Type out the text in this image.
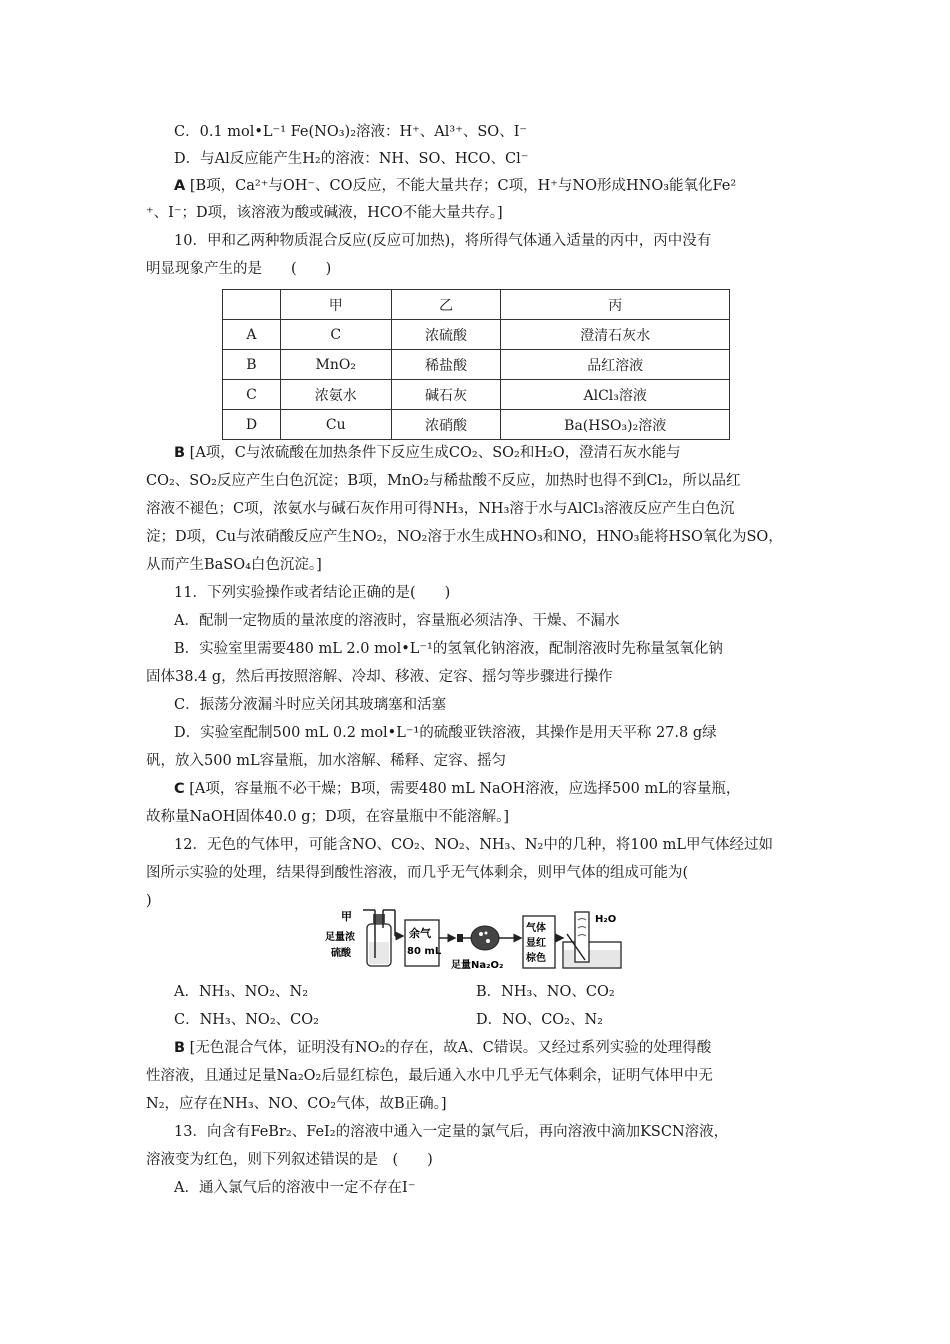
C．0.1 mol•L⁻¹ Fe(NO₃)₂溶液：H⁺、Al³⁺、SO、I⁻
D．与Al反应能产生H₂的溶液：NH、SO、HCO、Cl⁻
A [B项，Ca²⁺与OH⁻、CO反应，不能大量共存；C项，H⁺与NO形成HNO₃能氧化Fe²
⁺、I⁻；D项，该溶液为酸或碱液，HCO不能大量共存。]
10．甲和乙两种物质混合反应(反应可加热)，将所得气体通入适量的丙中，丙中没有
明显现象产生的是　　(　　)
	甲	乙	丙
A	C	浓硫酸	澄清石灰水
B	MnO₂	稀盐酸	品红溶液
C	浓氨水	碱石灰	AlCl₃溶液
D	Cu	浓硝酸	Ba(HSO₃)₂溶液
B [A项，C与浓硫酸在加热条件下反应生成CO₂、SO₂和H₂O，澄清石灰水能与
CO₂、SO₂反应产生白色沉淀；B项，MnO₂与稀盐酸不反应，加热时也得不到Cl₂，所以品红
溶液不褪色；C项，浓氨水与碱石灰作用可得NH₃，NH₃溶于水与AlCl₃溶液反应产生白色沉
淀；D项，Cu与浓硝酸反应产生NO₂，NO₂溶于水生成HNO₃和NO，HNO₃能将HSO氧化为SO，
从而产生BaSO₄白色沉淀。]
11．下列实验操作或者结论正确的是(　　)
A．配制一定物质的量浓度的溶液时，容量瓶必须洁净、干燥、不漏水
B．实验室里需要480 mL 2.0 mol•L⁻¹的氢氧化钠溶液，配制溶液时先称量氢氧化钠
固体38.4 g，然后再按照溶解、冷却、移液、定容、摇匀等步骤进行操作
C．振荡分液漏斗时应关闭其玻璃塞和活塞
D．实验室配制500 mL 0.2 mol•L⁻¹的硫酸亚铁溶液，其操作是用天平称 27.8 g绿
矾，放入500 mL容量瓶，加水溶解、稀释、定容、摇匀
C [A项，容量瓶不必干燥；B项，需要480 mL NaOH溶液，应选择500 mL的容量瓶，
故称量NaOH固体40.0 g；D项，在容量瓶中不能溶解。]
12．无色的气体甲，可能含NO、CO₂、NO₂、NH₃、N₂中的几种，将100 mL甲气体经过如
图所示实验的处理，结果得到酸性溶液，而几乎无气体剩余，则甲气体的组成可能为(
)
甲
足量浓
硫酸
余气
80 mL
足量Na₂O₂
气体
显红
棕色
H₂O
A．NH₃、NO₂、N₂	B．NH₃、NO、CO₂
C．NH₃、NO₂、CO₂	D．NO、CO₂、N₂
B [无色混合气体，证明没有NO₂的存在，故A、C错误。又经过系列实验的处理得酸
性溶液，且通过足量Na₂O₂后显红棕色，最后通入水中几乎无气体剩余，证明气体甲中无
N₂，应存在NH₃、NO、CO₂气体，故B正确。]
13．向含有FeBr₂、FeI₂的溶液中通入一定量的氯气后，再向溶液中滴加KSCN溶液，
溶液变为红色，则下列叙述错误的是　(　　)
A．通入氯气后的溶液中一定不存在I⁻
